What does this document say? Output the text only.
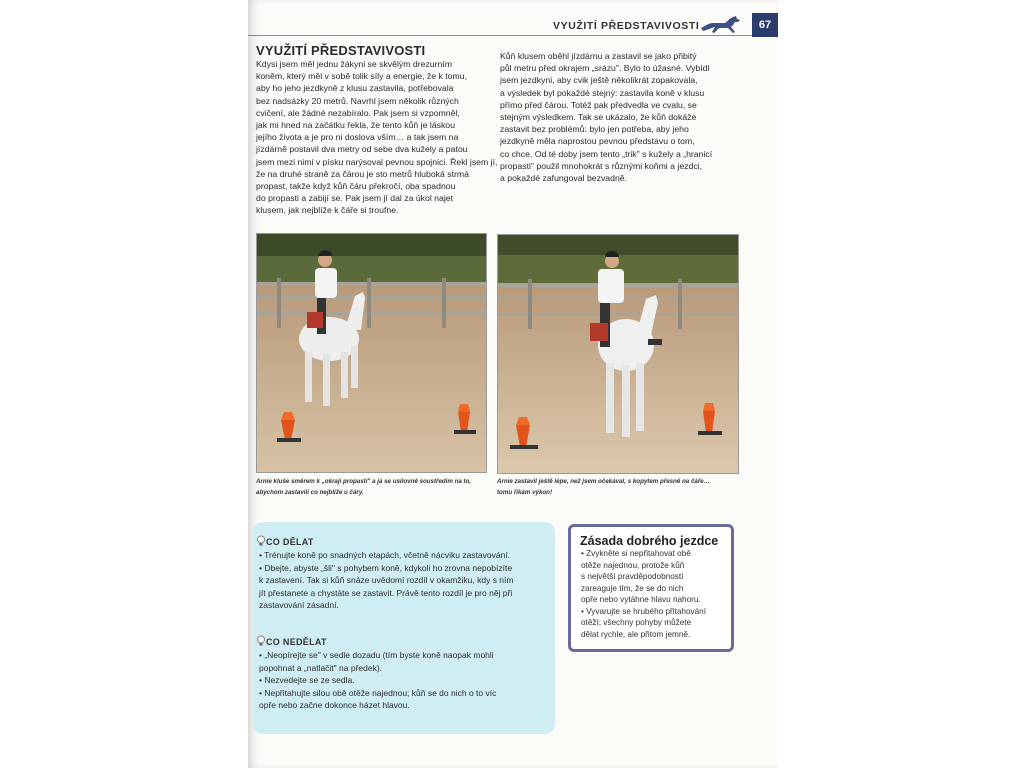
VYUŽITÍ PŘEDSTAVIVOSTI	67
VYUŽITÍ PŘEDSTAVIVOSTI
Kdysi jsem měl jednu žákyni se skvělým drezurním
koněm, který měl v sobě tolik síly a energie, že k tomu,
aby ho jeho jezdkyně z klusu zastavila, potřebovala
bez nadsázky 20 metrů. Navrhl jsem několik různých
cvičení, ale žádné nezabíralo. Pak jsem si vzpomněl,
jak mi hned na začátku řekla, že tento kůň je láskou
jejího života a je pro ni doslova vším… a tak jsem na
jízdárně postavil dva metry od sebe dva kužely a patou
jsem mezi nimi v písku narýsoval pevnou spojnici. Řekl jsem jí,
že na druhé straně za čárou je sto metrů hluboká strmá
propast, takže když kůň čáru překročí, oba spadnou
do propasti a zabijí se. Pak jsem jí dal za úkol najet
klusem, jak nejblíže k čáře si troufne.
Kůň klusem oběhl jízdárnu a zastavil se jako přibitý
půl metru před okrajem „srázu". Bylo to úžasné. Vybídl
jsem jezdkyni, aby cvik ještě několikrát zopakovala,
a výsledek byl pokaždé stejný: zastavila koně v klusu
přímo před čárou. Totéž pak předvedla ve cvalu, se
stejným výsledkem. Tak se ukázalo, že kůň dokáže
zastavit bez problémů: bylo jen potřeba, aby jeho
jezdkyně měla naprostou pevnou představu o tom,
co chce. Od té doby jsem tento „trik" s kužely a „hranicí
propasti" použil mnohokrát s různými koňmi a jezdci,
a pokaždé zafungoval bezvadně.
Arnie kluše směrem k „okraji propasti" a já se usilovně soustředím na to,
abychom zastavili co nejblíže u čáry.
Arnie zastavil ještě lépe, než jsem očekával, s kopytem přesně na čáře…
tomu říkám výkon!
CO DĚLAT
• Trénujte koně po snadných etapách, včetně nácviku zastavování.
• Dbejte, abyste „šli" s pohybem koně, kdykoli ho zrovna nepobízíte
k zastavení. Tak si kůň snáze uvědomí rozdíl v okamžiku, kdy s ním
jít přestanete a chystáte se zastavit. Právě tento rozdíl je pro něj při
zastavování zásadní.
CO NEDĚLAT
• „Neopírejte se" v sedle dozadu (tím byste koně naopak mohli
popohnat a „natlačit" na předek).
• Nezvedejte se ze sedla.
• Nepřitahujte silou obě otěže najednou; kůň se do nich o to víc
opře nebo začne dokonce házet hlavou.
Zásada dobrého jezdce
• Zvykněte si nepřitahovat obě
otěže najednou, protože kůň
s největší pravděpodobností
zareaguje tím, že se do nich
opře nebo vytáhne hlavu nahoru.
• Vyvarujte se hrubého přitahování
otěží; všechny pohyby můžete
dělat rychle, ale přitom jemně.
